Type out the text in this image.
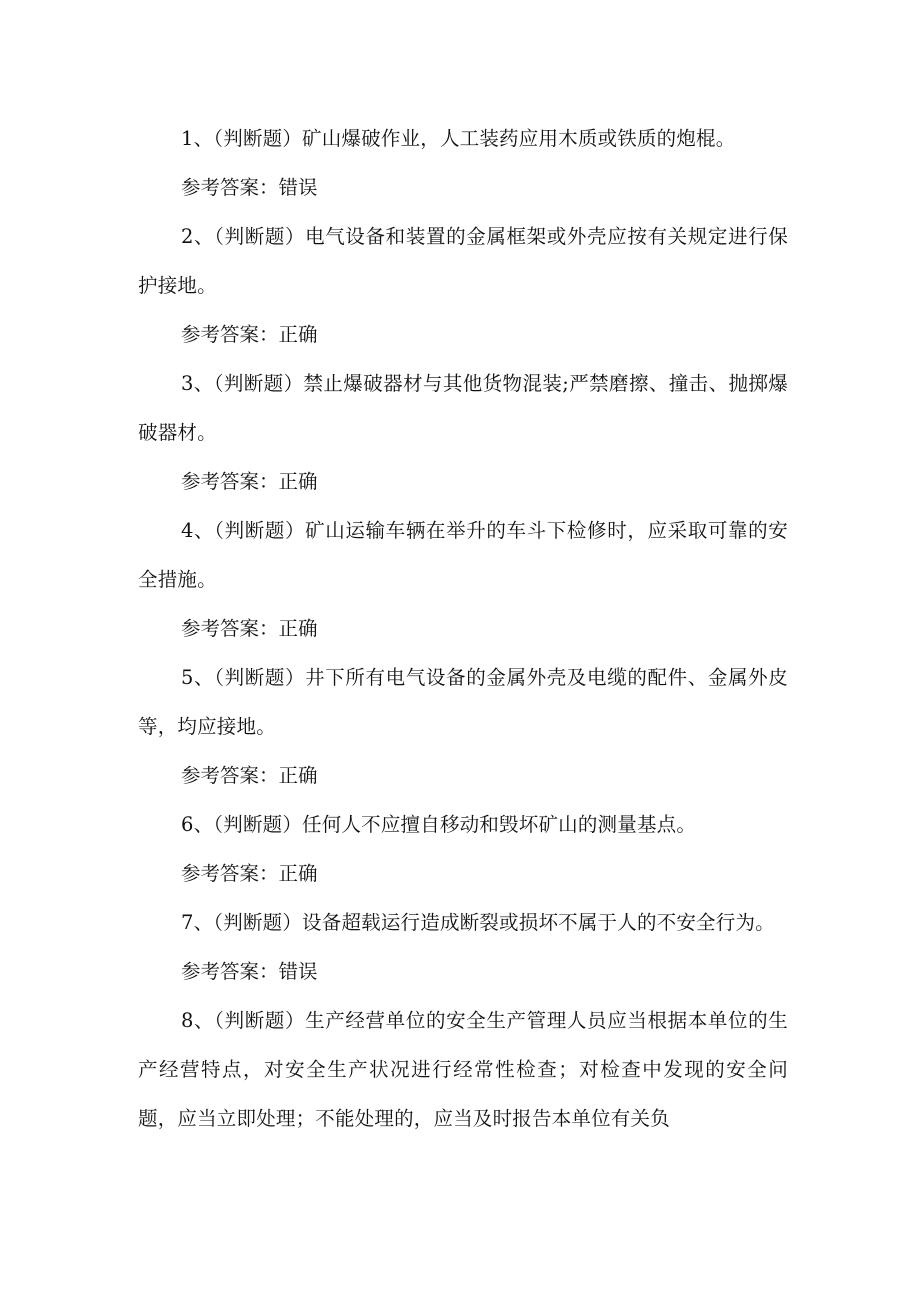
1、（判断题）矿山爆破作业，人工装药应用木质或铁质的炮棍。

参考答案：错误

2、（判断题）电气设备和装置的金属框架或外壳应按有关规定进行保护接地。

参考答案：正确

3、（判断题）禁止爆破器材与其他货物混装;严禁磨擦、撞击、抛掷爆破器材。

参考答案：正确

4、（判断题）矿山运输车辆在举升的车斗下检修时，应采取可靠的安全措施。

参考答案：正确

5、（判断题）井下所有电气设备的金属外壳及电缆的配件、金属外皮等，均应接地。

参考答案：正确

6、（判断题）任何人不应擅自移动和毁坏矿山的测量基点。

参考答案：正确

7、（判断题）设备超载运行造成断裂或损坏不属于人的不安全行为。

参考答案：错误

8、（判断题）生产经营单位的安全生产管理人员应当根据本单位的生产经营特点，对安全生产状况进行经常性检查；对检查中发现的安全问题，应当立即处理；不能处理的，应当及时报告本单位有关负
